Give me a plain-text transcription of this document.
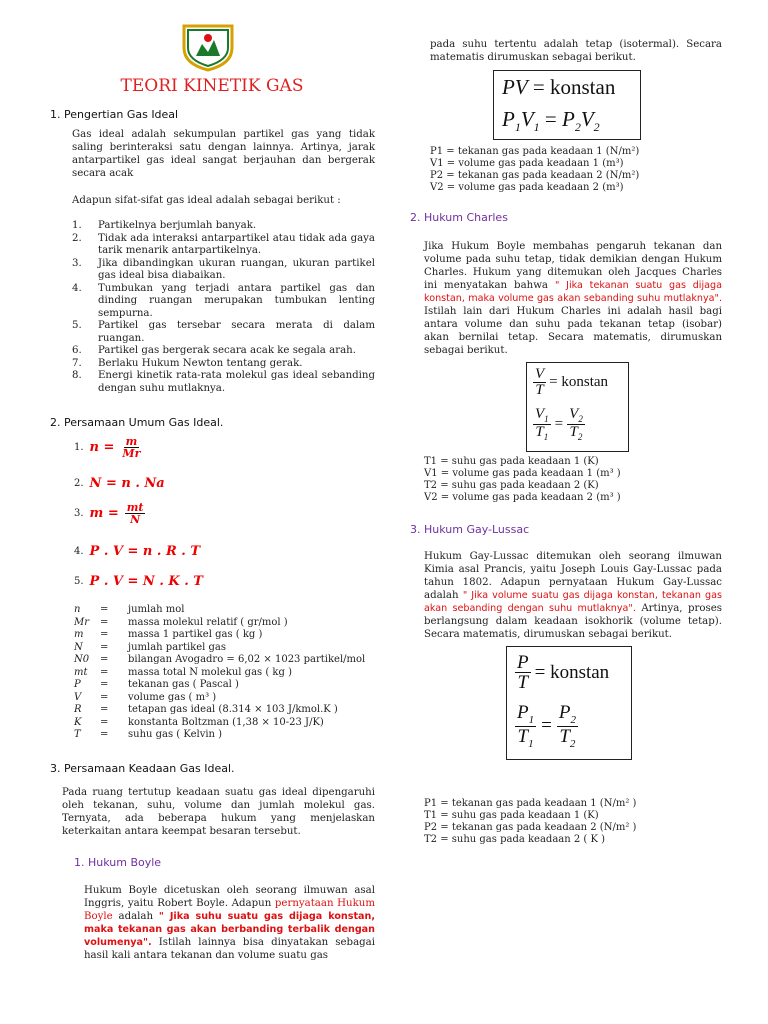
TEORI KINETIK GAS
1. Pengertian Gas Ideal
Gas ideal adalah sekumpulan partikel gas yang tidak saling berinteraksi satu dengan lainnya. Artinya, jarak antarpartikel gas ideal sangat berjauhan dan bergerak secara acak
Adapun sifat-sifat gas ideal adalah sebagai berikut :
1.	Partikelnya berjumlah banyak.
2.	Tidak ada interaksi antarpartikel atau tidak ada gaya tarik menarik antarpartikelnya.
3.	Jika dibandingkan ukuran ruangan, ukuran partikel gas ideal bisa diabaikan.
4.	Tumbukan yang terjadi antara partikel gas dan dinding ruangan merupakan tumbukan lenting sempurna.
5.	Partikel gas tersebar secara merata di dalam ruangan.
6.	Partikel gas bergerak secara acak ke segala arah.
7.	Berlaku Hukum Newton tentang gerak.
8.	Energi kinetik rata-rata molekul gas ideal sebanding dengan suhu mutlaknya.
2. Persamaan Umum Gas Ideal.
1. $n = \frac{m}{Mr}$
2. N = n . Na
3. $m = \frac{mt}{N}$
4. P . V = n . R . T
5. P . V = N . K . T
n	=	jumlah mol
Mr	=	massa molekul relatif ( gr/mol )
m	=	massa 1 partikel gas ( kg )
N	=	jumlah partikel gas
N0	=	bilangan Avogadro = 6,02 × 1023 partikel/mol
mt	=	massa total N molekul gas ( kg )
P	=	tekanan gas ( Pascal )
V	=	volume gas ( m³ )
R	=	tetapan gas ideal (8.314 × 103 J/kmol.K )
K	=	konstanta Boltzman (1,38 × 10-23 J/K)
T	=	suhu gas ( Kelvin )
3. Persamaan Keadaan Gas Ideal.
Pada ruang tertutup keadaan suatu gas ideal dipengaruhi oleh tekanan, suhu, volume dan jumlah molekul gas. Ternyata, ada beberapa hukum yang menjelaskan keterkaitan antara keempat besaran tersebut.
1. Hukum Boyle
Hukum Boyle dicetuskan oleh seorang ilmuwan asal Inggris, yaitu Robert Boyle. Adapun pernyataan Hukum Boyle adalah " Jika suhu suatu gas dijaga konstan, maka tekanan gas akan berbanding terbalik dengan volumenya". Istilah lainnya bisa dinyatakan sebagai hasil kali antara tekanan dan volume suatu gas
pada suhu tertentu adalah tetap (isotermal). Secara matematis dirumuskan sebagai berikut.
PV = konstan
$P_1V_1 = P_2V_2$
P1 = tekanan gas pada keadaan 1 (N/m²)
V1 = volume gas pada keadaan 1 (m³)
P2 = tekanan gas pada keadaan 2 (N/m²)
V2 = volume gas pada keadaan 2 (m³)
2. Hukum Charles
Jika Hukum Boyle membahas pengaruh tekanan dan volume pada suhu tetap, tidak demikian dengan Hukum Charles. Hukum yang ditemukan oleh Jacques Charles ini menyatakan bahwa " Jika tekanan suatu gas dijaga konstan, maka volume gas akan sebanding suhu mutlaknya". Istilah lain dari Hukum Charles ini adalah hasil bagi antara volume dan suhu pada tekanan tetap (isobar) akan bernilai tetap. Secara matematis, dirumuskan sebagai berikut.
$\frac{V}{T}$ = konstan
$\frac{V_1}{T_1} = \frac{V_2}{T_2}$
T1 = suhu gas pada keadaan 1 (K)
V1 = volume gas pada keadaan 1 (m³ )
T2 = suhu gas pada keadaan 2 (K)
V2 = volume gas pada keadaan 2 (m³ )
3. Hukum Gay-Lussac
Hukum Gay-Lussac ditemukan oleh seorang ilmuwan Kimia asal Prancis, yaitu Joseph Louis Gay-Lussac pada tahun 1802. Adapun pernyataan Hukum Gay-Lussac adalah " Jika volume suatu gas dijaga konstan, tekanan gas akan sebanding dengan suhu mutlaknya". Artinya, proses berlangsung dalam keadaan isokhorik (volume tetap). Secara matematis, dirumuskan sebagai berikut.
$\frac{P}{T}$ = konstan
$\frac{P_1}{T_1} = \frac{P_2}{T_2}$
P1 = tekanan gas pada keadaan 1 (N/m² )
T1 = suhu gas pada keadaan 1 (K)
P2 = tekanan gas pada keadaan 2 (N/m² )
T2 = suhu gas pada keadaan 2 ( K )
